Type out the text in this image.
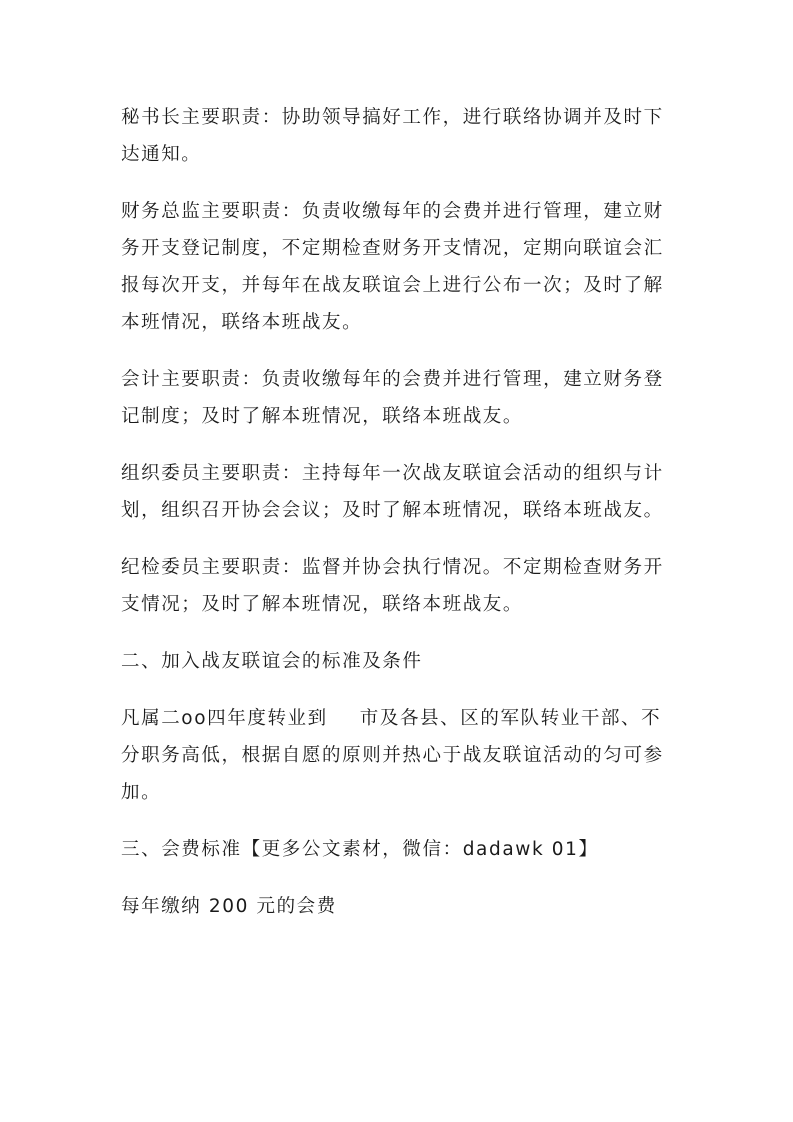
秘书长主要职责：协助领导搞好工作，进行联络协调并及时下达通知。

财务总监主要职责：负责收缴每年的会费并进行管理，建立财务开支登记制度，不定期检查财务开支情况，定期向联谊会汇报每次开支，并每年在战友联谊会上进行公布一次；及时了解本班情况，联络本班战友。

会计主要职责：负责收缴每年的会费并进行管理，建立财务登记制度；及时了解本班情况，联络本班战友。

组织委员主要职责：主持每年一次战友联谊会活动的组织与计划，组织召开协会会议；及时了解本班情况，联络本班战友。

纪检委员主要职责：监督并协会执行情况。不定期检查财务开支情况；及时了解本班情况，联络本班战友。

二、加入战友联谊会的标准及条件

凡属二oo四年度转业到 市及各县、区的军队转业干部、不分职务高低，根据自愿的原则并热心于战友联谊活动的匀可参加。

三、会费标准【更多公文素材，微信：dadawk 01】

每年缴纳 200 元的会费
